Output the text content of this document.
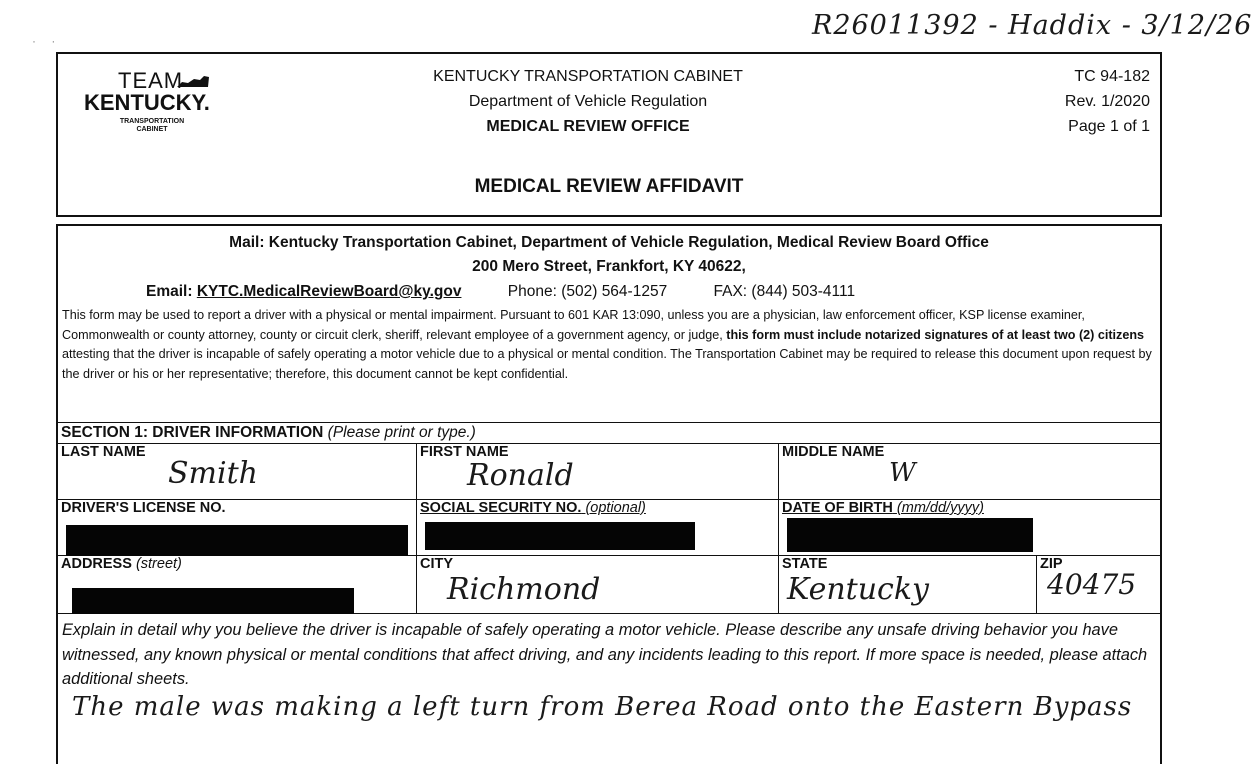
R26011392 - Haddix - 3/12/26
· ·
TEAM
KENTUCKY.
TRANSPORTATION CABINET
KENTUCKY TRANSPORTATION CABINET
Department of Vehicle Regulation
MEDICAL REVIEW OFFICE
TC 94-182
Rev. 1/2020
Page 1 of 1
MEDICAL REVIEW AFFIDAVIT
Mail: Kentucky Transportation Cabinet, Department of Vehicle Regulation, Medical Review Board Office
200 Mero Street, Frankfort, KY 40622,
Email: KYTC.MedicalReviewBoard@ky.gov	Phone: (502) 564-1257	FAX: (844) 503-4111
This form may be used to report a driver with a physical or mental impairment. Pursuant to 601 KAR 13:090, unless you are a physician, law enforcement officer, KSP license examiner, Commonwealth or county attorney, county or circuit clerk, sheriff, relevant employee of a government agency, or judge, this form must include notarized signatures of at least two (2) citizens attesting that the driver is incapable of safely operating a motor vehicle due to a physical or mental condition. The Transportation Cabinet may be required to release this document upon request by the driver or his or her representative; therefore, this document cannot be kept confidential.
SECTION 1: DRIVER INFORMATION (Please print or type.)
LAST NAME
Smith
FIRST NAME
Ronald
MIDDLE NAME
W
DRIVER'S LICENSE NO.	SOCIAL SECURITY NO. (optional)	DATE OF BIRTH (mm/dd/yyyy)
ADDRESS (street)	CITY
Richmond
STATE
Kentucky
ZIP
40475
Explain in detail why you believe the driver is incapable of safely operating a motor vehicle. Please describe any unsafe driving behavior you have witnessed, any known physical or mental conditions that affect driving, and any incidents leading to this report. If more space is needed, please attach additional sheets.
The male was making a left turn from Berea Road onto the Eastern Bypass
